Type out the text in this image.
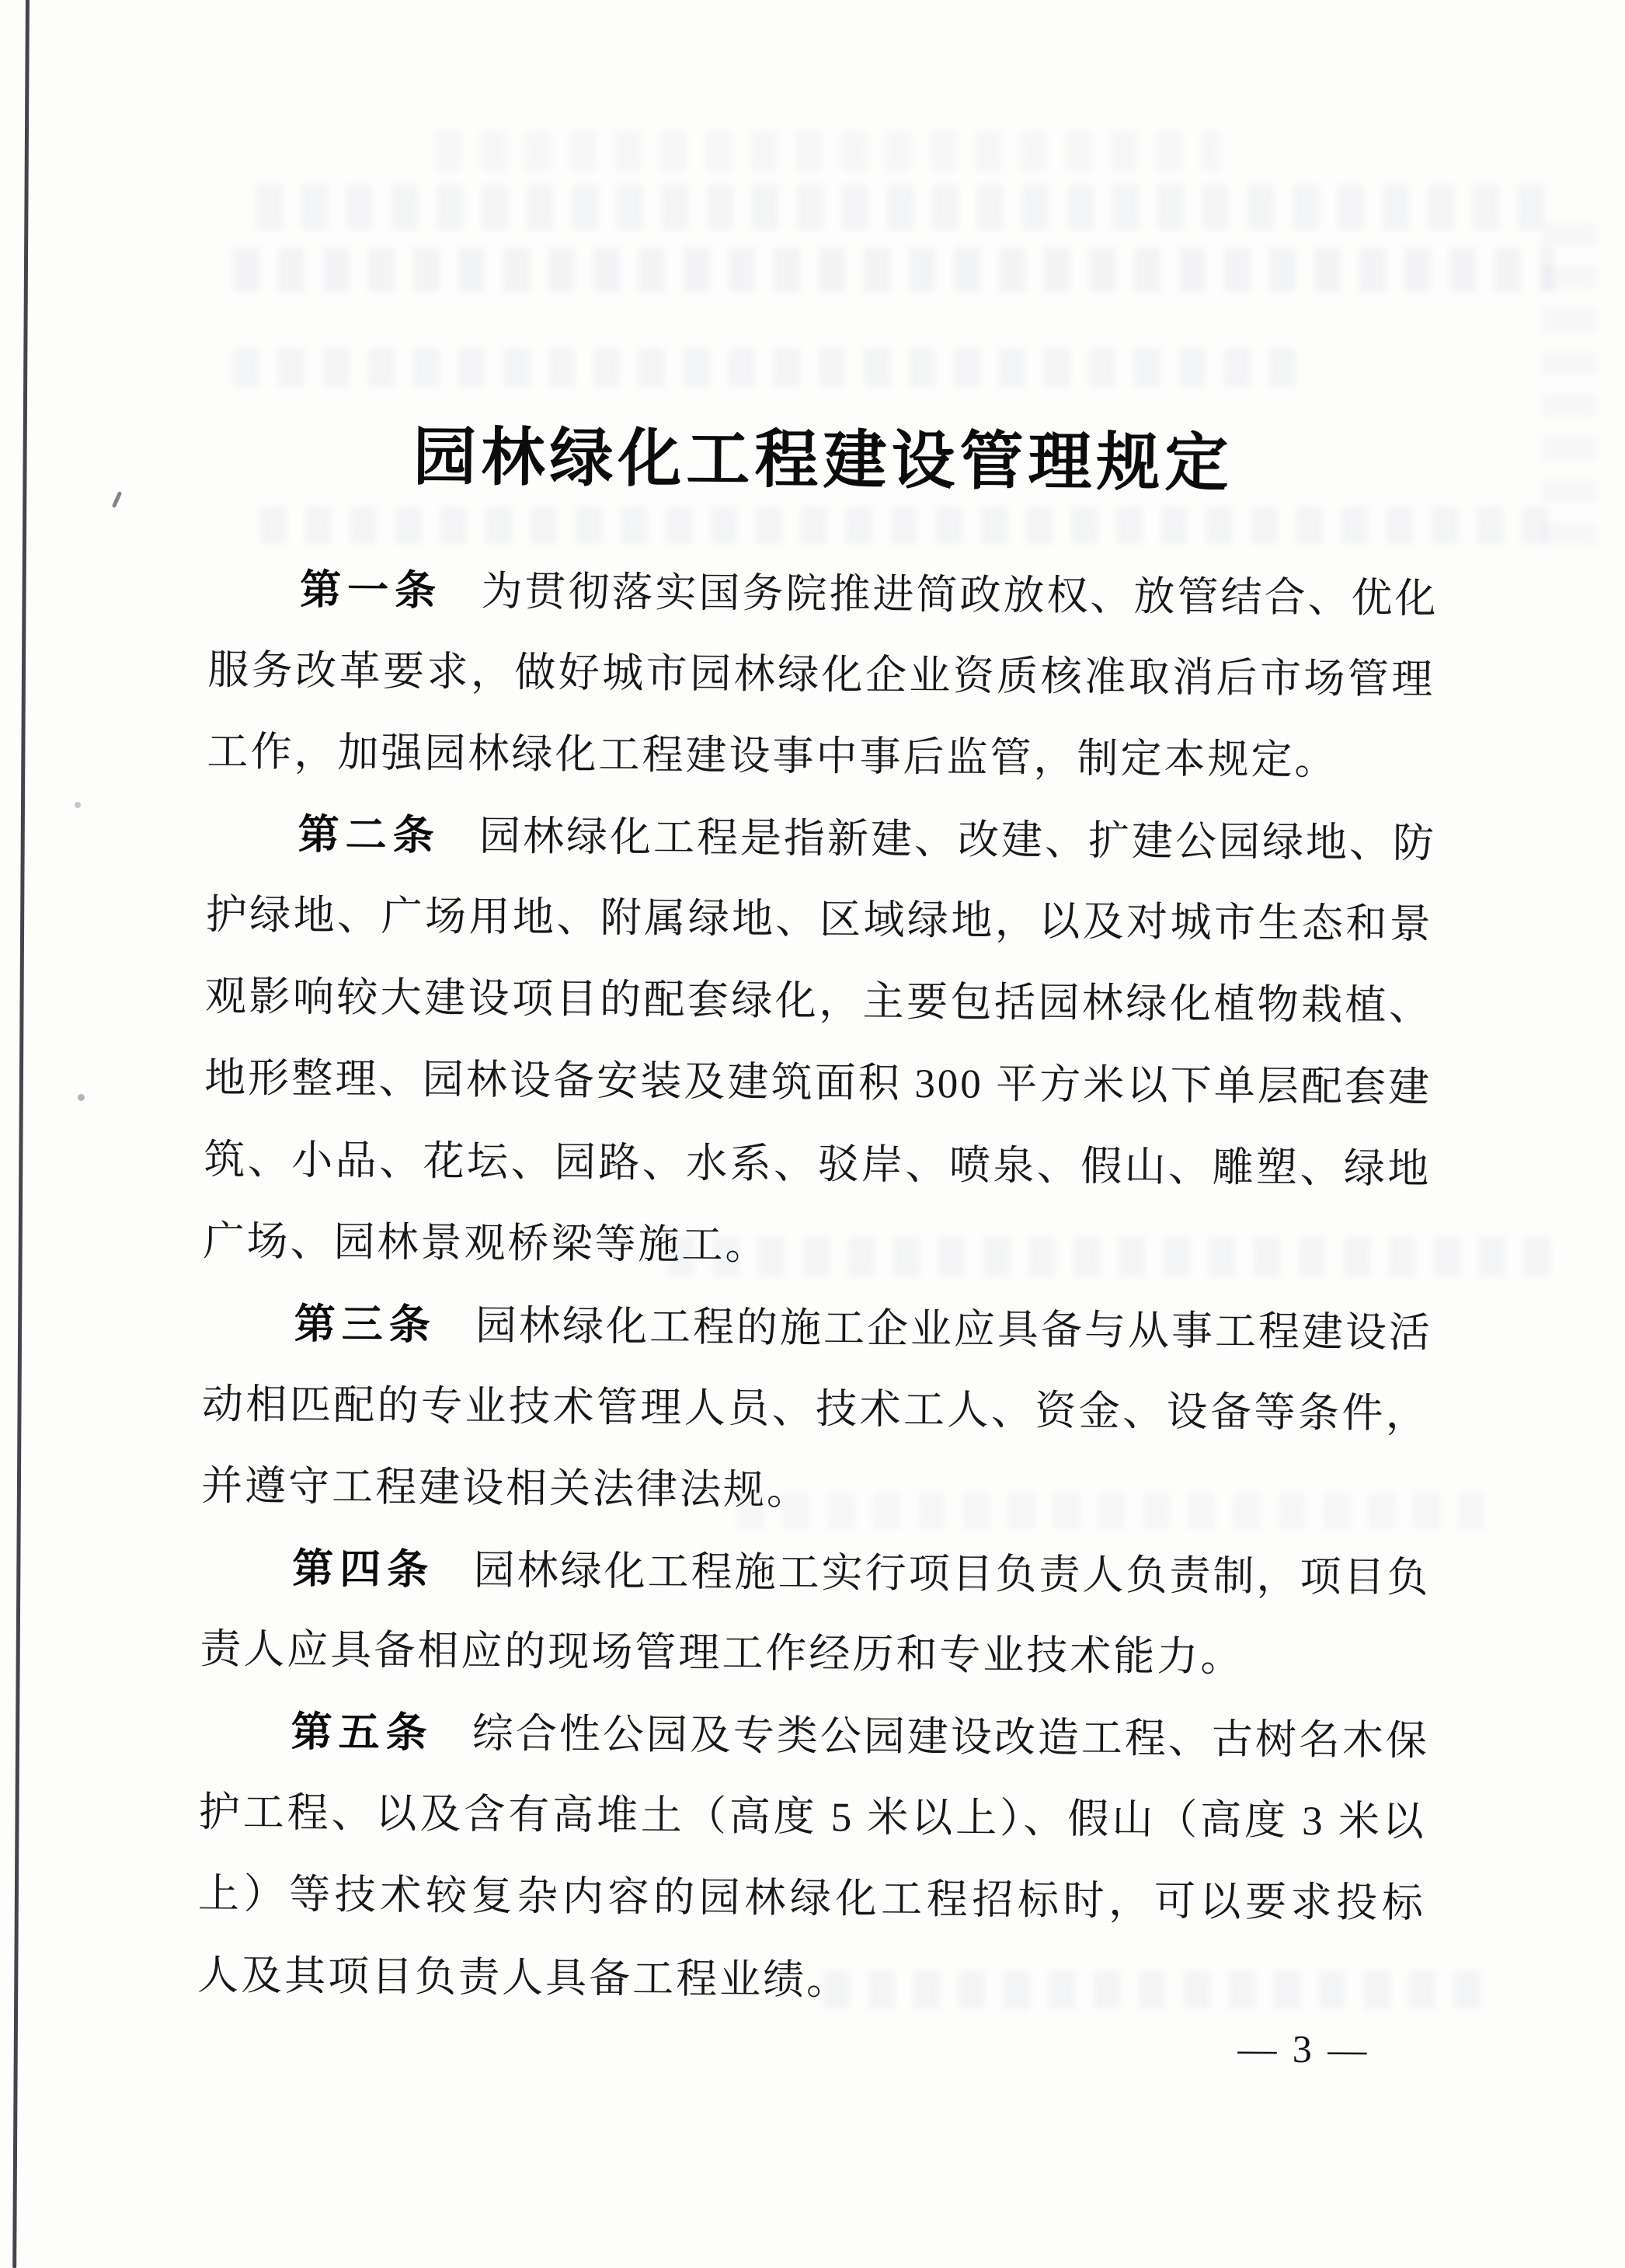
园林绿化工程建设管理规定
第一条 为贯彻落实国务院推进简政放权、放管结合、优化
服务改革要求，做好城市园林绿化企业资质核准取消后市场管理
工作，加强园林绿化工程建设事中事后监管，制定本规定。
第二条 园林绿化工程是指新建、改建、扩建公园绿地、防
护绿地、广场用地、附属绿地、区域绿地，以及对城市生态和景
观影响较大建设项目的配套绿化，主要包括园林绿化植物栽植、
地形整理、园林设备安装及建筑面积 300 平方米以下单层配套建
筑、小品、花坛、园路、水系、驳岸、喷泉、假山、雕塑、绿地
广场、园林景观桥梁等施工。
第三条 园林绿化工程的施工企业应具备与从事工程建设活
动相匹配的专业技术管理人员、技术工人、资金、设备等条件，
并遵守工程建设相关法律法规。
第四条 园林绿化工程施工实行项目负责人负责制，项目负
责人应具备相应的现场管理工作经历和专业技术能力。
第五条 综合性公园及专类公园建设改造工程、古树名木保
护工程、以及含有高堆土（高度 5 米以上）、假山（高度 3 米以
上）等技术较复杂内容的园林绿化工程招标时，可以要求投标
人及其项目负责人具备工程业绩。
— 3 —
